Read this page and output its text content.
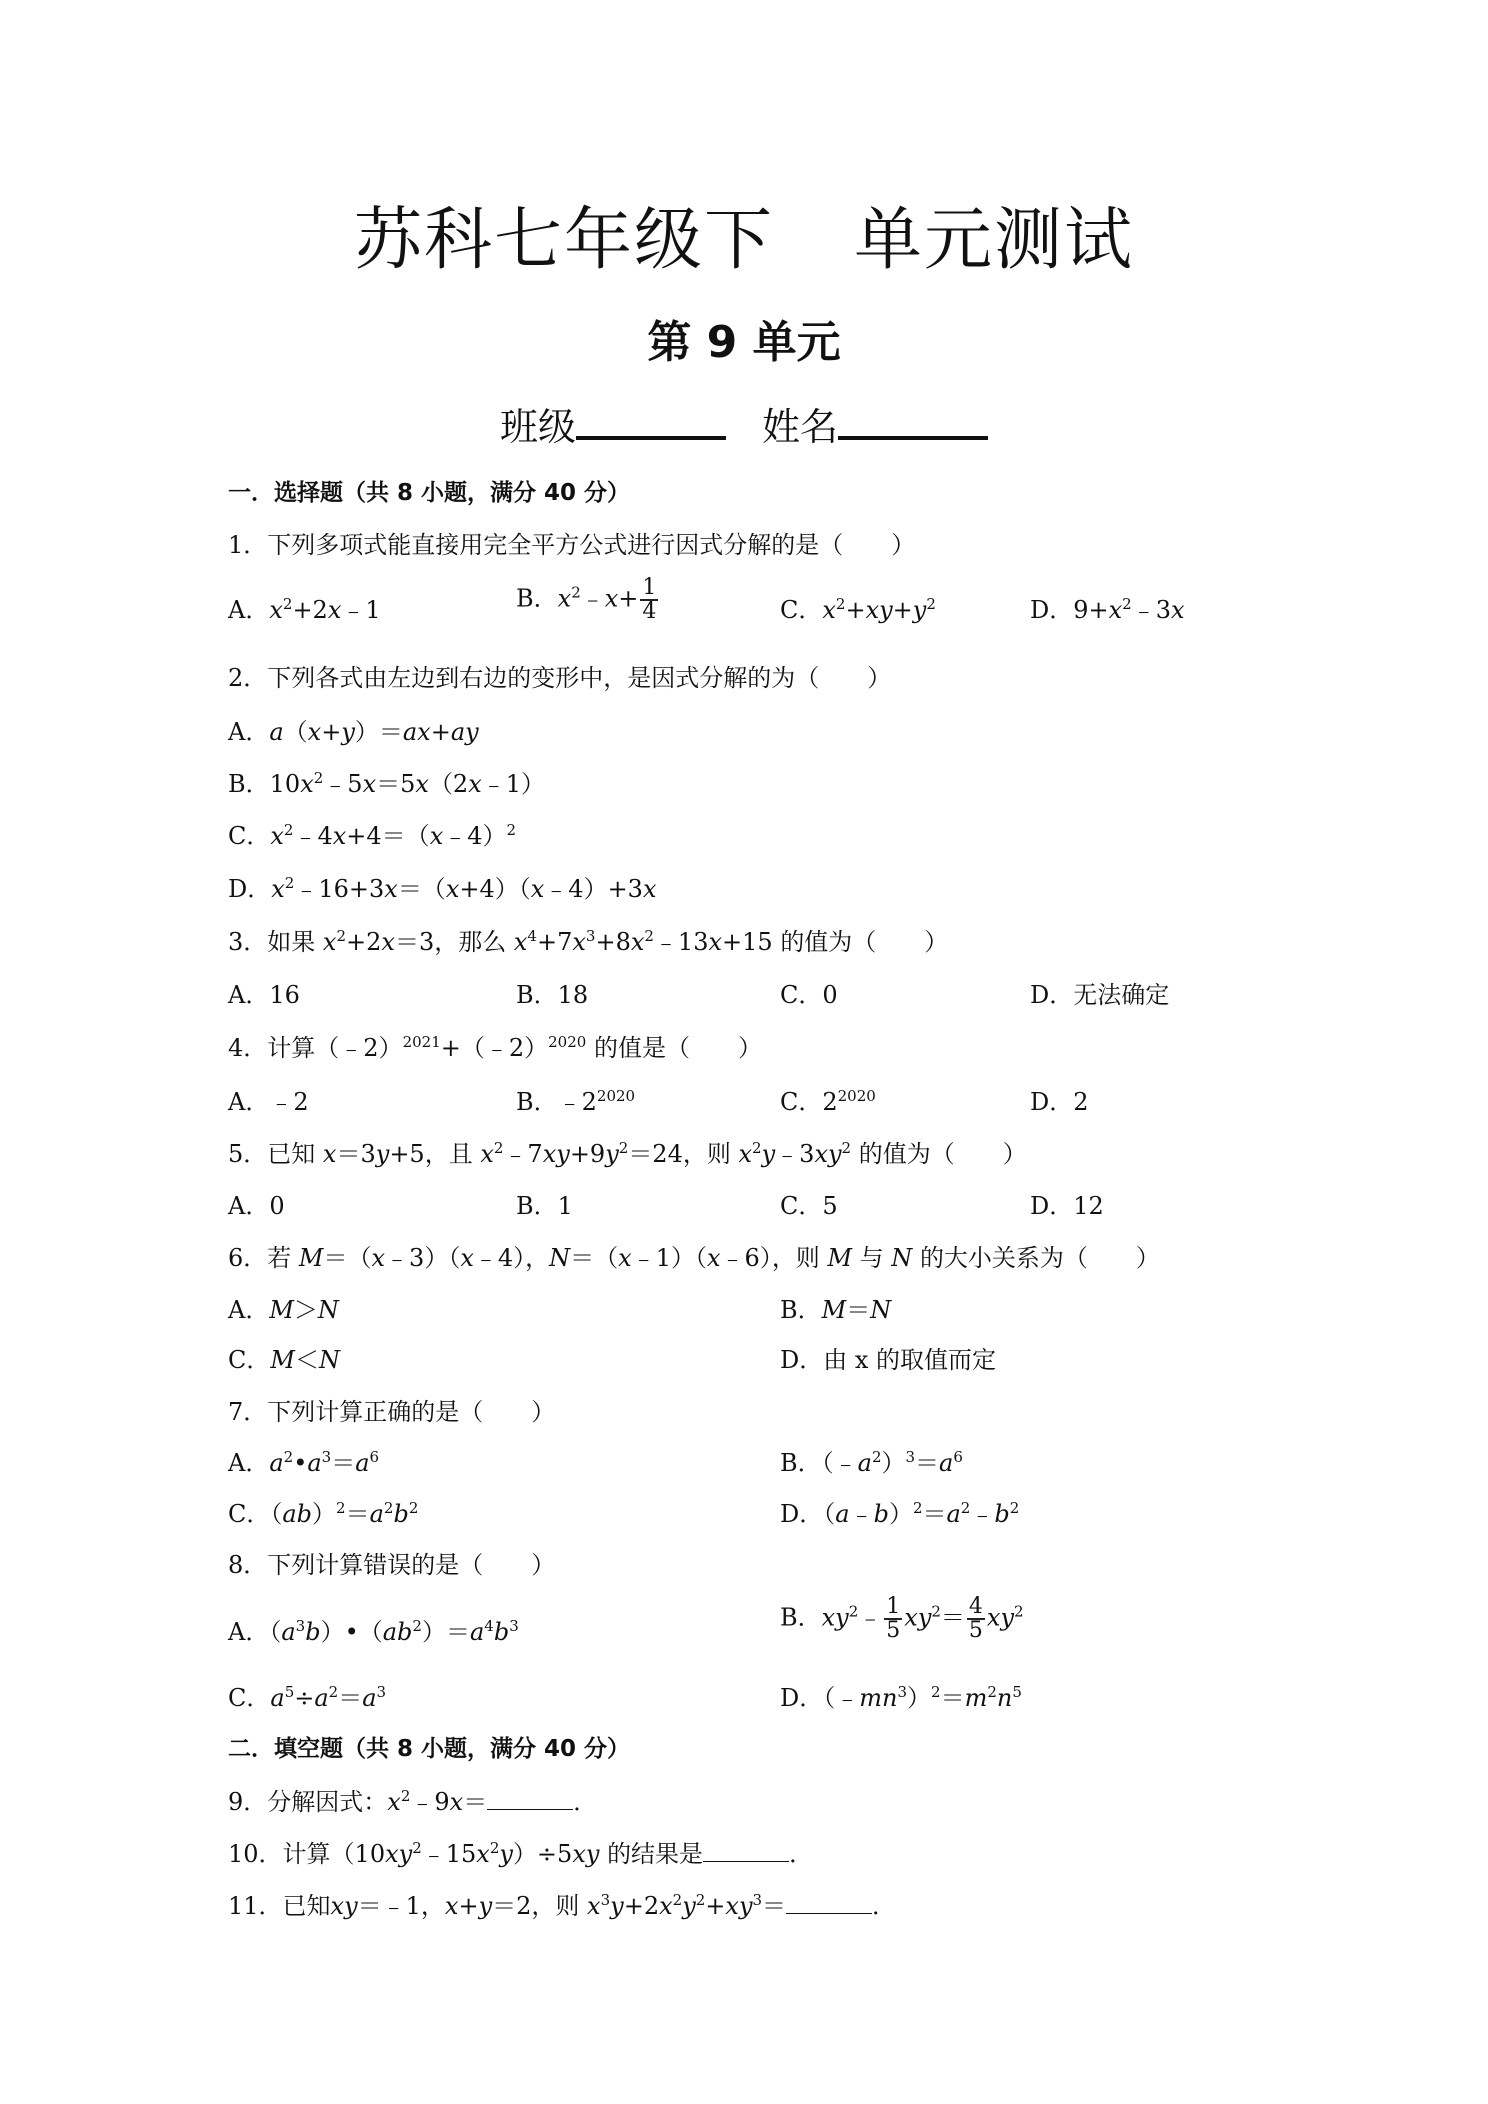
苏科七年级下 单元测试
第 9 单元
班级	姓名
一．选择题（共 8 小题，满分 40 分）
1．下列多项式能直接用完全平方公式进行因式分解的是（　　）
A．$x^2+2x﹣1$	B．$x^2﹣x+ \frac{1}{4}$	C．$x^2+xy+y^2$	D．$9+x^2﹣3x$
2．下列各式由左边到右边的变形中，是因式分解的为（　　）
A．a（x+y）＝ax+ay
B．$10x^2﹣5x=5x(2x﹣1)$
C．$x^2﹣4x+4=(x﹣4)^2$
D．$x^2﹣16+3x=(x+4)(x﹣4)+3x$
3．如果 $x^2+2x=3$，那么 $x^4+7x^3+8x^2﹣13x+15$ 的值为（　　）
A．16	B．18	C．0	D．无法确定
4．计算（﹣2）$^{2021}$+（﹣2）$^{2020}$ 的值是（　　）
A．﹣2	B．$﹣2^{2020}$	C．$2^{2020}$	D．2
5．已知 x＝3y+5，且 $x^2﹣7xy+9y^2=24$，则 $x^2y﹣3xy^2$ 的值为（　　）
A．0	B．1	C．5	D．12
6．若 M＝（x﹣3）（x﹣4），N＝（x﹣1）（x﹣6），则 M 与 N 的大小关系为（　　）
A．M＞N	B．M＝N
C．M＜N	D．由 x 的取值而定
7．下列计算正确的是（　　）
A．$a^2•a^3=a^6$	B．$(﹣a^2)^3=a^6$
C．$(ab)^2=a^2b^2$	D．$(a﹣b)^2=a^2﹣b^2$
8．下列计算错误的是（　　）
A．$(a^3b)•(ab^2)=a^4b^3$	B．$xy^2﹣ \frac{1}{5} xy^2= \frac{4}{5} xy^2$
C．$a^5\div a^2=a^3$	D．$(﹣mn^3)^2=m^2n^5$
二．填空题（共 8 小题，满分 40 分）
9．分解因式：$x^2﹣9x=$	．
10．计算$(10xy^2﹣15x^2y)\div 5xy$ 的结果是	．
11．已知xy＝﹣1，x+y＝2，则 $x^3y+2x^2y^2+xy^3=$	．
